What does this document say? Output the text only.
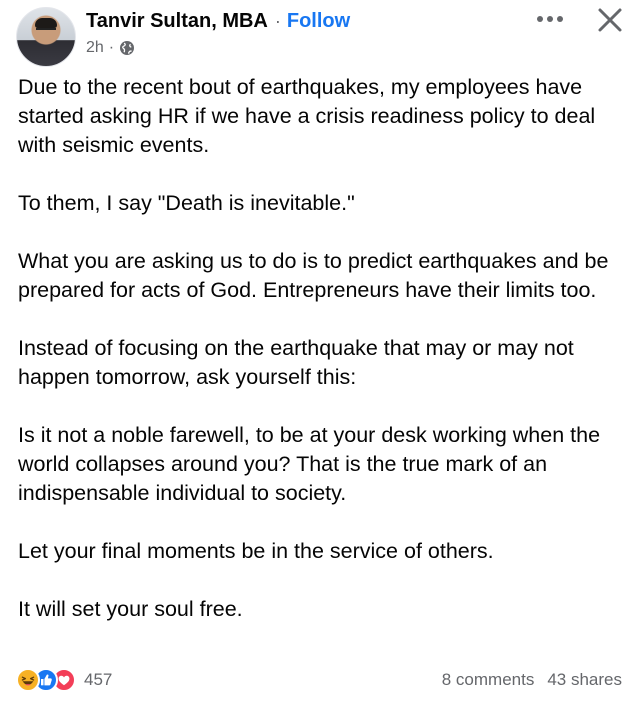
Tanvir Sultan, MBA · Follow
2h ·

Due to the recent bout of earthquakes, my employees have started asking HR if we have a crisis readiness policy to deal with seismic events.

To them, I say "Death is inevitable."

What you are asking us to do is to predict earthquakes and be prepared for acts of God. Entrepreneurs have their limits too.

Instead of focusing on the earthquake that may or may not happen tomorrow, ask yourself this:

Is it not a noble farewell, to be at your desk working when the world collapses around you? That is the true mark of an indispensable individual to society.

Let your final moments be in the service of others.

It will set your soul free.

457	8 comments 43 shares
